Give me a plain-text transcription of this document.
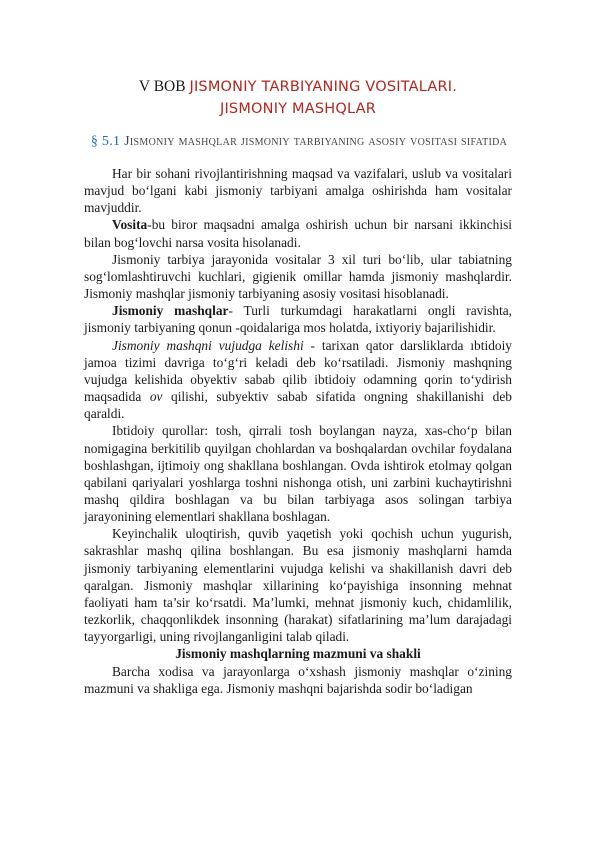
V BOB JISMONIY TARBIYANING VOSITALARI.
JISMONIY MASHQLAR
§ 5.1 Jismoniy mashqlar jismoniy tarbiyaning asosiy vositasi sifatida

Har bir sohani rivojlantirishning maqsad va vazifalari, uslub va vositalari mavjud bo‘lgani kabi jismoniy tarbiyani amalga oshirishda ham vositalar mavjuddir.

Vosita-bu biror maqsadni amalga oshirish uchun bir narsani ikkinchisi bilan bog‘lovchi narsa vosita hisolanadi.

Jismoniy tarbiya jarayonida vositalar 3 xil turi bo‘lib, ular tabiatning sog‘lomlashtiruvchi kuchlari, gigienik omillar hamda jismoniy mashqlardir. Jismoniy mashqlar jismoniy tarbiyaning asosiy vositasi hisoblanadi.

Jismoniy mashqlar- Turli turkumdagi harakatlarni ongli ravishta, jismoniy tarbiyaning qonun -qoidalariga mos holatda, ixtiyoriy bajarilishidir.

Jismoniy mashqni vujudga kelishi - tarixan qator darsliklarda ıbtidoiy jamoa tizimi davriga to‘g‘ri keladi deb ko‘rsatiladi. Jismoniy mashqning vujudga kelishida obyektiv sabab qilib ibtidoiy odamning qorin to‘ydirish maqsadida ov qilishi, subyektiv sabab sifatida ongning shakillanishi deb qaraldi.

Ibtidoiy qurollar: tosh, qirrali tosh boylangan nayza, xas-cho‘p bilan nomigagina berkitilib quyilgan chohlardan va boshqalardan ovchilar foydalana boshlashgan, ijtimoiy ong shakllana boshlangan. Ovda ishtirok etolmay qolgan qabilani qariyalari yoshlarga toshni nishonga otish, uni zarbini kuchaytirishni mashq qildira boshlagan va bu bilan tarbiyaga asos solingan tarbiya jarayonining elementlari shakllana boshlagan.

Keyinchalik uloqtirish, quvib yaqetish yoki qochish uchun yugurish, sakrashlar mashq qilina boshlangan. Bu esa jismoniy mashqlarni hamda jismoniy tarbiyaning elementlarini vujudga kelishi va shakillanish davri deb qaralgan. Jismoniy mashqlar xillarining ko‘payishiga insonning mehnat faoliyati ham ta’sir ko‘rsatdi. Ma’lumki, mehnat jismoniy kuch, chidamlilik, tezkorlik, chaqqonlikdek insonning (harakat) sifatlarining ma’lum darajadagi tayyorgarligi, uning rivojlanganligini talab qiladi.

Jismoniy mashqlarning mazmuni va shakli

Barcha xodisa va jarayonlarga o‘xshash jismoniy mashqlar o‘zining mazmuni va shakliga ega. Jismoniy mashqni bajarishda sodir bo‘ladigan
